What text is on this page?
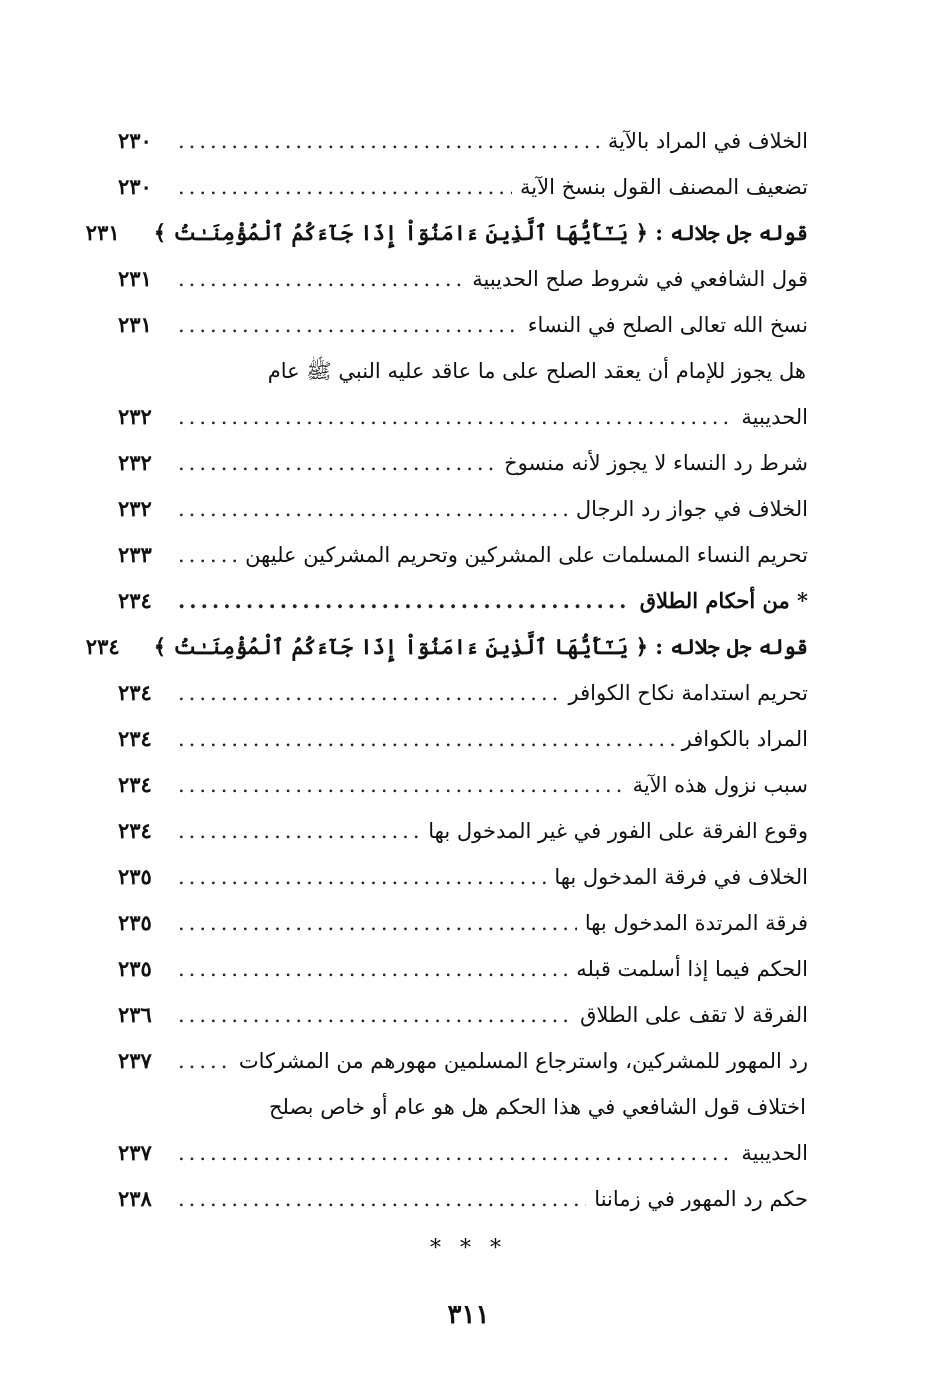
الخلاف في المراد بالآية
.....
٢٣٠
تضعيف المصنف القول بنسخ الآية
.....
٢٣٠
قوله جل جلاله : ﴿ يَـٰٓأَيُّهَا ٱلَّذِينَ ءَامَنُوٓاْ إِذَا جَآءَكُمُ ٱلْمُؤْمِنَـٰتُ ﴾
٢٣١
قول الشافعي في شروط صلح الحديبية
.....
٢٣١
نسخ الله تعالى الصلح في النساء
.....
٢٣١
هل يجوز للإمام أن يعقد الصلح على ما عاقد عليه النبي ﷺ عام
الحديبية
.....
٢٣٢
شرط رد النساء لا يجوز لأنه منسوخ
.....
٢٣٢
الخلاف في جواز رد الرجال
.....
٢٣٢
تحريم النساء المسلمات على المشركين وتحريم المشركين عليهن
.....
٢٣٣
* من أحكام الطلاق
.....
٢٣٤
قوله جل جلاله : ﴿ يَـٰٓأَيُّهَا ٱلَّذِينَ ءَامَنُوٓاْ إِذَا جَآءَكُمُ ٱلْمُؤْمِنَـٰتُ ﴾
٢٣٤
تحريم استدامة نكاح الكوافر
.....
٢٣٤
المراد بالكوافر
.....
٢٣٤
سبب نزول هذه الآية
.....
٢٣٤
وقوع الفرقة على الفور في غير المدخول بها
.....
٢٣٤
الخلاف في فرقة المدخول بها
.....
٢٣٥
فرقة المرتدة المدخول بها
.....
٢٣٥
الحكم فيما إذا أسلمت قبله
.....
٢٣٥
الفرقة لا تقف على الطلاق
.....
٢٣٦
رد المهور للمشركين، واسترجاع المسلمين مهورهم من المشركات
.....
٢٣٧
اختلاف قول الشافعي في هذا الحكم هل هو عام أو خاص بصلح
الحديبية
.....
٢٣٧
حكم رد المهور في زماننا
.....
٢٣٨
* * *
٣١١
